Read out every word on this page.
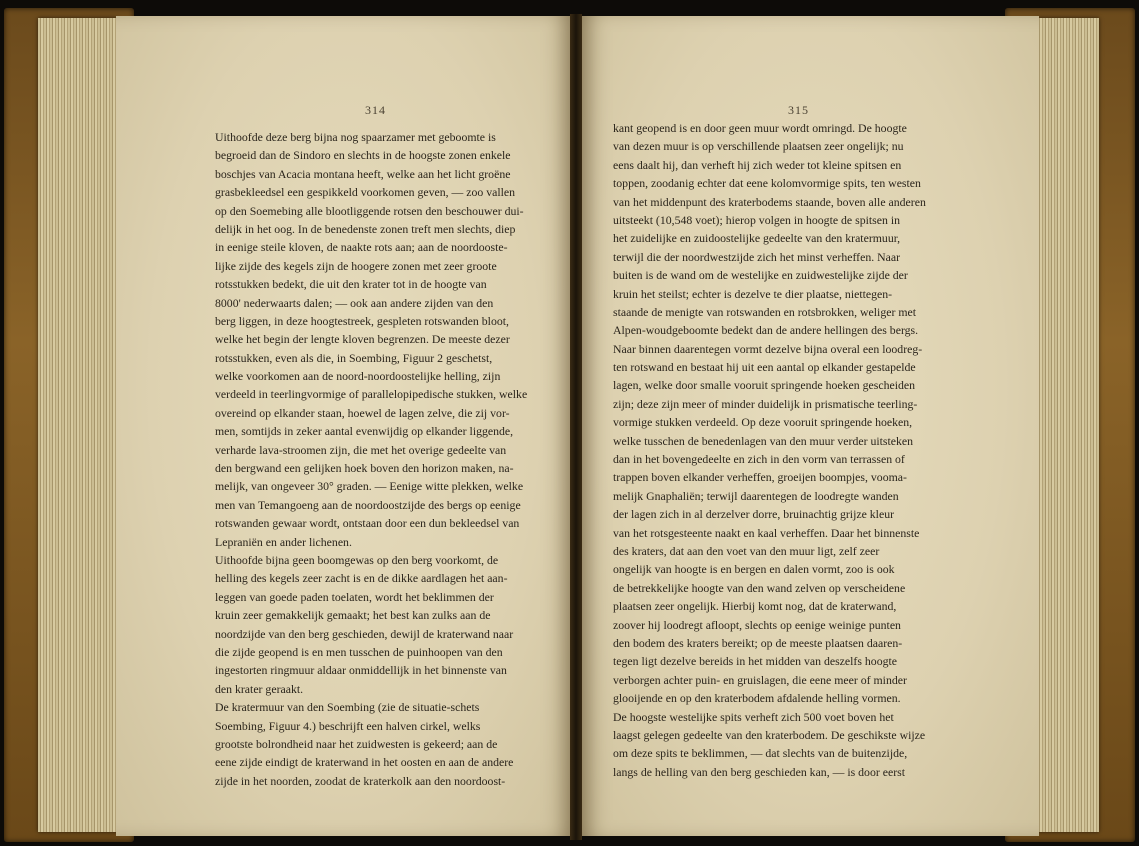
314	315
Uithoofde deze berg bijna nog spaarzamer met geboomte is
begroeid dan de Sindoro en slechts in de hoogste zonen enkele
boschjes van Acacia montana heeft, welke aan het licht groëne
grasbekleedsel een gespikkeld voorkomen geven, — zoo vallen
op den Soemebing alle blootliggende rotsen den beschouwer dui-
delijk in het oog. In de benedenste zonen treft men slechts, diep
in eenige steile kloven, de naakte rots aan; aan de noordooste-
lijke zijde des kegels zijn de hoogere zonen met zeer groote
rotsstukken bedekt, die uit den krater tot in de hoogte van
8000' nederwaarts dalen; — ook aan andere zijden van den
berg liggen, in deze hoogtestreek, gespleten rotswanden bloot,
welke het begin der lengte kloven begrenzen. De meeste dezer
rotsstukken, even als die, in Soembing, Figuur 2 geschetst,
welke voorkomen aan de noord-noordoostelijke helling, zijn
verdeeld in teerlingvormige of parallelopipedische stukken, welke
overeind op elkander staan, hoewel de lagen zelve, die zij vor-
men, somtijds in zeker aantal evenwijdig op elkander liggende,
verharde lava-stroomen zijn, die met het overige gedeelte van
den bergwand een gelijken hoek boven den horizon maken, na-
melijk, van ongeveer 30° graden. — Eenige witte plekken, welke
men van Temangoeng aan de noordoostzijde des bergs op eenige
rotswanden gewaar wordt, ontstaan door een dun bekleedsel van
Lepraniën en ander lichenen.
Uithoofde bijna geen boomgewas op den berg voorkomt, de
helling des kegels zeer zacht is en de dikke aardlagen het aan-
leggen van goede paden toelaten, wordt het beklimmen der
kruin zeer gemakkelijk gemaakt; het best kan zulks aan de
noordzijde van den berg geschieden, dewijl de kraterwand naar
die zijde geopend is en men tusschen de puinhoopen van den
ingestorten ringmuur aldaar onmiddellijk in het binnenste van
den krater geraakt.
De kratermuur van den Soembing (zie de situatie-schets
Soembing, Figuur 4.) beschrijft een halven cirkel, welks
grootste bolrondheid naar het zuidwesten is gekeerd; aan de
eene zijde eindigt de kraterwand in het oosten en aan de andere
zijde in het noorden, zoodat de kraterkolk aan den noordoost-
kant geopend is en door geen muur wordt omringd. De hoogte
van dezen muur is op verschillende plaatsen zeer ongelijk; nu
eens daalt hij, dan verheft hij zich weder tot kleine spitsen en
toppen, zoodanig echter dat eene kolomvormige spits, ten westen
van het middenpunt des kraterbodems staande, boven alle anderen
uitsteekt (10,548 voet); hierop volgen in hoogte de spitsen in
het zuidelijke en zuidoostelijke gedeelte van den kratermuur,
terwijl die der noordwestzijde zich het minst verheffen. Naar
buiten is de wand om de westelijke en zuidwestelijke zijde der
kruin het steilst; echter is dezelve te dier plaatse, niettegen-
staande de menigte van rotswanden en rotsbrokken, weliger met
Alpen-woudgeboomte bedekt dan de andere hellingen des bergs.
Naar binnen daarentegen vormt dezelve bijna overal een loodreg-
ten rotswand en bestaat hij uit een aantal op elkander gestapelde
lagen, welke door smalle vooruit springende hoeken gescheiden
zijn; deze zijn meer of minder duidelijk in prismatische teerling-
vormige stukken verdeeld. Op deze vooruit springende hoeken,
welke tusschen de benedenlagen van den muur verder uitsteken
dan in het bovengedeelte en zich in den vorm van terrassen of
trappen boven elkander verheffen, groeijen boompjes, vooma-
melijk Gnaphaliën; terwijl daarentegen de loodregte wanden
der lagen zich in al derzelver dorre, bruinachtig grijze kleur
van het rotsgesteente naakt en kaal verheffen. Daar het binnenste
des kraters, dat aan den voet van den muur ligt, zelf zeer
ongelijk van hoogte is en bergen en dalen vormt, zoo is ook
de betrekkelijke hoogte van den wand zelven op verscheidene
plaatsen zeer ongelijk. Hierbij komt nog, dat de kraterwand,
zoover hij loodregt afloopt, slechts op eenige weinige punten
den bodem des kraters bereikt; op de meeste plaatsen daaren-
tegen ligt dezelve bereids in het midden van deszelfs hoogte
verborgen achter puin- en gruislagen, die eene meer of minder
glooijende en op den kraterbodem afdalende helling vormen.
De hoogste westelijke spits verheft zich 500 voet boven het
laagst gelegen gedeelte van den kraterbodem. De geschikste wijze
om deze spits te beklimmen, — dat slechts van de buitenzijde,
langs de helling van den berg geschieden kan, — is door eerst
